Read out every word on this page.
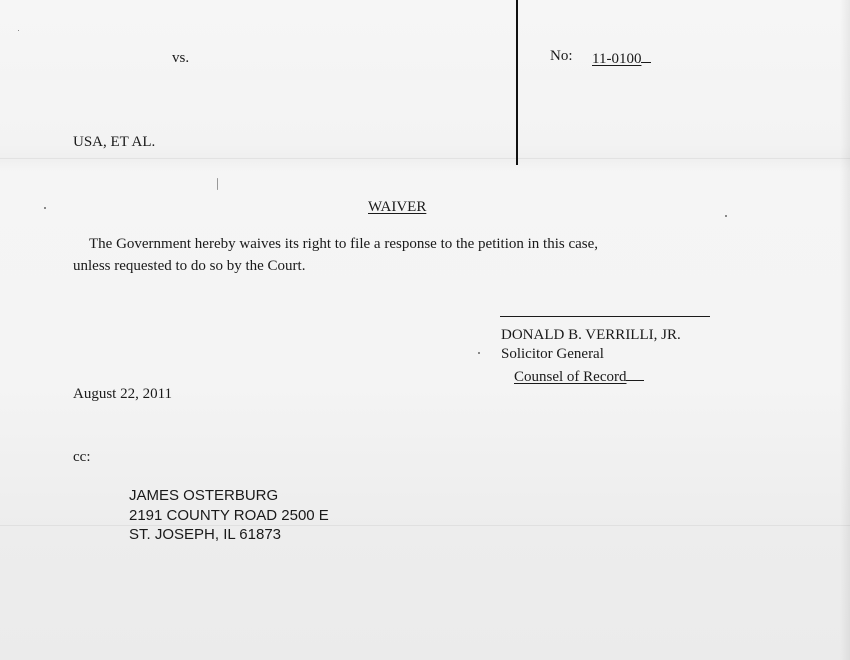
vs.
USA, ET AL.
No: 11-0100
WAIVER
The Government hereby waives its right to file a response to the petition in this case,
unless requested to do so by the Court.
DONALD B. VERRILLI, JR.
Solicitor General
Counsel of Record
August 22, 2011
cc:
JAMES OSTERBURG
2191 COUNTY ROAD 2500 E
ST. JOSEPH, IL 61873
